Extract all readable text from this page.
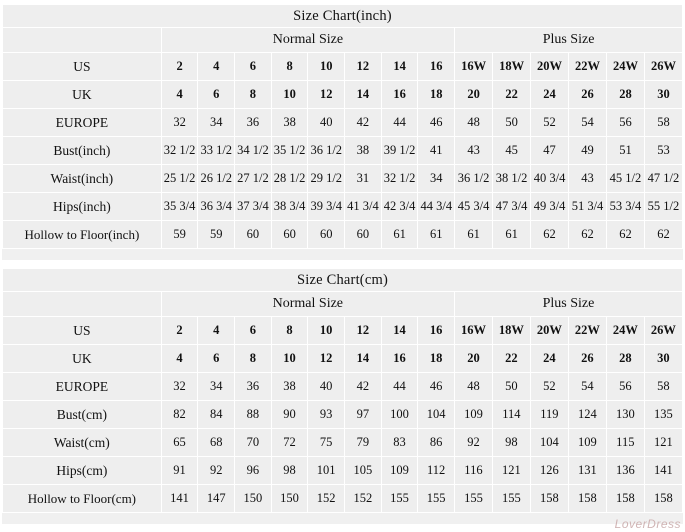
Size Chart(inch)														
	Normal Size								Plus Size					
US	2	4	6	8	10	12	14	16	16W	18W	20W	22W	24W	26W
UK	4	6	8	10	12	14	16	18	20	22	24	26	28	30
EUROPE	32	34	36	38	40	42	44	46	48	50	52	54	56	58
Bust(inch)	32 1/2	33 1/2	34 1/2	35 1/2	36 1/2	38	39 1/2	41	43	45	47	49	51	53
Waist(inch)	25 1/2	26 1/2	27 1/2	28 1/2	29 1/2	31	32 1/2	34	36 1/2	38 1/2	40 3/4	43	45 1/2	47 1/2
Hips(inch)	35 3/4	36 3/4	37 3/4	38 3/4	39 3/4	41 3/4	42 3/4	44 3/4	45 3/4	47 3/4	49 3/4	51 3/4	53 3/4	55 1/2
Hollow to Floor(inch)	59	59	60	60	60	60	61	61	61	61	62	62	62	62
Size Chart(cm)														
	Normal Size								Plus Size					
US	2	4	6	8	10	12	14	16	16W	18W	20W	22W	24W	26W
UK	4	6	8	10	12	14	16	18	20	22	24	26	28	30
EUROPE	32	34	36	38	40	42	44	46	48	50	52	54	56	58
Bust(cm)	82	84	88	90	93	97	100	104	109	114	119	124	130	135
Waist(cm)	65	68	70	72	75	79	83	86	92	98	104	109	115	121
Hips(cm)	91	92	96	98	101	105	109	112	116	121	126	131	136	141
Hollow to Floor(cm)	141	147	150	150	152	152	155	155	155	155	158	158	158	158
LoverDress
